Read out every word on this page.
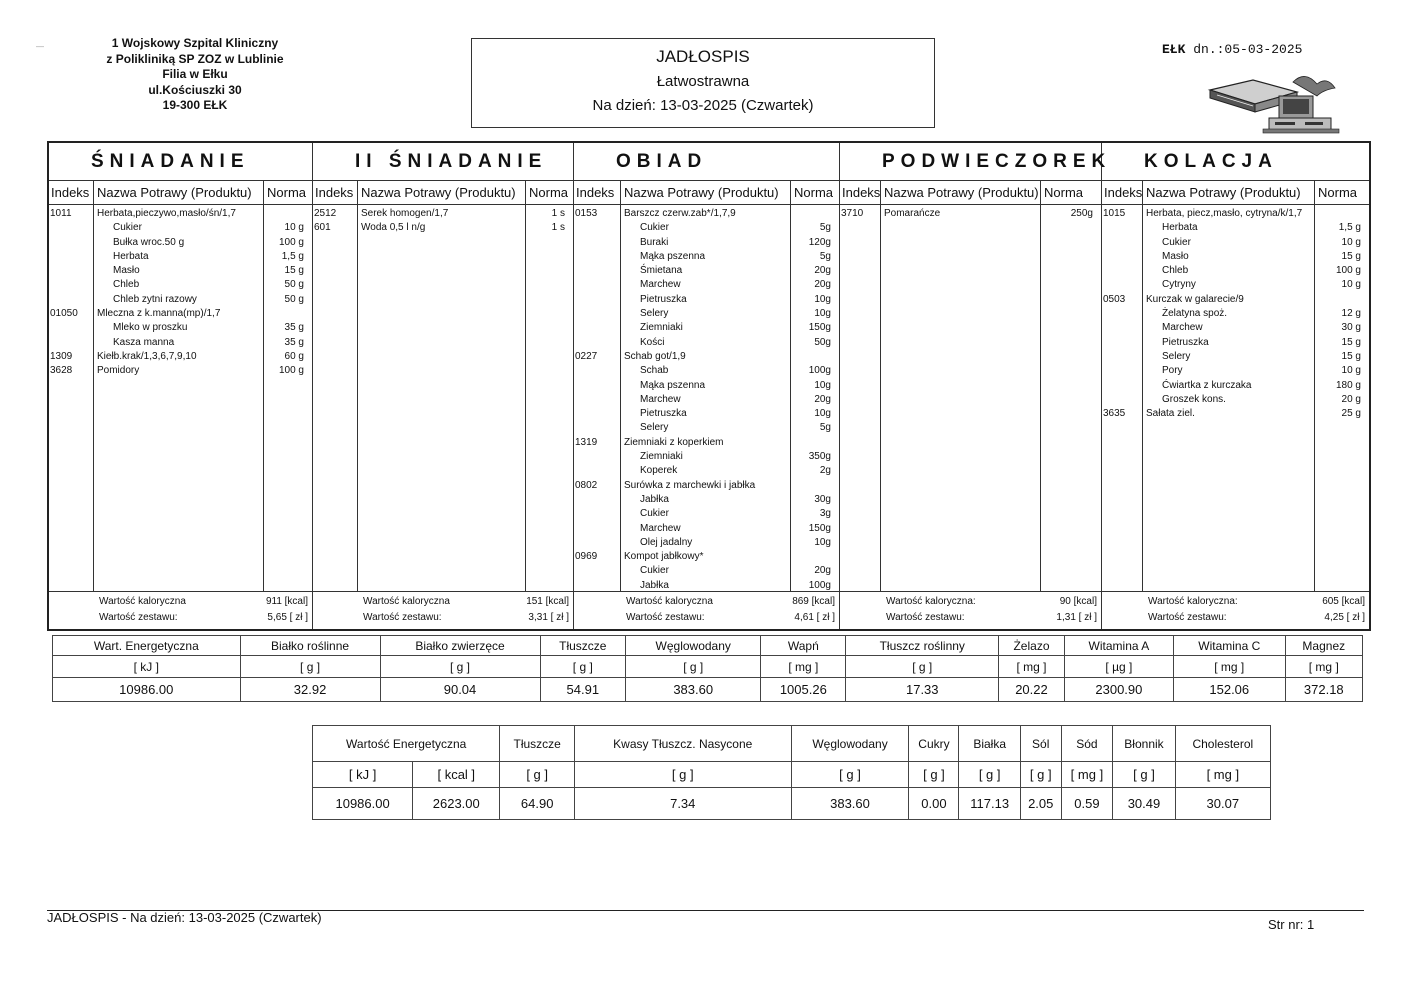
—	1 Wojskowy Szpital Kliniczny
z Polikliniką SP ZOZ w Lublinie
Filia w Ełku
ul.Kościuszki 30
19-300 EŁK
JADŁOSPIS
Łatwostrawna
Na dzień: 13-03-2025 (Czwartek)
EŁK dn.:05-03-2025
ŚNIADANIE
Indeks Nazwa Potrawy (Produktu) Norma
1011	Herbata,pieczywo,masło/śn/1,7
Cukier	10 g
Bułka wroc.50 g	100 g
Herbata	1,5 g
Masło	15 g
Chleb	50 g
Chleb zytni razowy	50 g
01050 Mleczna z k.manna(mp)/1,7
Mleko w proszku	35 g
Kasza manna	35 g
1309 Kiełb.krak/1,3,6,7,9,10	60 g
3628 Pomidory	100 g
Wartość kaloryczna	911 [kcal]
Wartość zestawu:	5,65 [ zł ]
II ŚNIADANIE
Indeks Nazwa Potrawy (Produktu) Norma
2512 Serek homogen/1,7	1 s
601	Woda 0,5 l n/g	1 s
Wartość kaloryczna	151 [kcal]
Wartość zestawu:	3,31 [ zł ]
OBIAD
Indeks Nazwa Potrawy (Produktu) Norma
0153	Barszcz czerw.zab*/1,7,9
Cukier	5g
Buraki	120g
Mąka pszenna	5g
Śmietana	20g
Marchew	20g
Pietruszka	10g
Selery	10g
Ziemniaki	150g
Kości	50g
0227	Schab got/1,9
Schab	100g
Mąka pszenna	10g
Marchew	20g
Pietruszka	10g
Selery	5g
1319	Ziemniaki z koperkiem
Ziemniaki	350g
Koperek	2g
0802	Surówka z marchewki i jabłka
Jabłka	30g
Cukier	3g
Marchew	150g
Olej jadalny	10g
0969	Kompot jabłkowy*
Cukier	20g
Jabłka	100g
Wartość kaloryczna	869 [kcal]
Wartość zestawu:	4,61 [ zł ]
PODWIECZOREK
Indeks Nazwa Potrawy (Produktu) Norma
3710 Pomarańcze	250g
Wartość kaloryczna:	90 [kcal]
Wartość zestawu:	1,31 [ zł ]
KOLACJA
Indeks Nazwa Potrawy (Produktu) Norma
1015 Herbata, piecz,masło, cytryna/k/1,7
Herbata	1,5 g
Cukier	10 g
Masło	15 g
Chleb	100 g
Cytryny	10 g
0503 Kurczak w galarecie/9
Żelatyna spoż.	12 g
Marchew	30 g
Pietruszka	15 g
Selery	15 g
Pory	10 g
Ćwiartka z kurczaka	180 g
Groszek kons.	20 g
3635 Sałata ziel.	25 g
Wartość kaloryczna:	605 [kcal]
Wartość zestawu:	4,25 [ zł ]
Wart. Energetyczna	Białko roślinne	Białko zwierzęce	Tłuszcze	Węglowodany	Wapń	Tłuszcz roślinny	Żelazo	Witamina A	Witamina C	Magnez
[ kJ ]	[ g ]	[ g ]	[ g ]	[ g ]	[ mg ]	[ g ]	[ mg ]	[ µg ]	[ mg ]	[ mg ]
10986.00	32.92	90.04	54.91	383.60	1005.26	17.33	20.22	2300.90	152.06	372.18
Wartość Energetyczna		Tłuszcze	Kwasy Tłuszcz. Nasycone	Węglowodany	Cukry	Białka	Sól	Sód	Błonnik	Cholesterol
[ kJ ]	[ kcal ]	[ g ]	[ g ]	[ g ]	[ g ]	[ g ]	[ g ]	[ mg ]	[ g ]	[ mg ]
10986.00	2623.00	64.90	7.34	383.60	0.00	117.13	2.05	0.59	30.49	30.07
JADŁOSPIS - Na dzień: 13-03-2025 (Czwartek)	Str nr: 1
